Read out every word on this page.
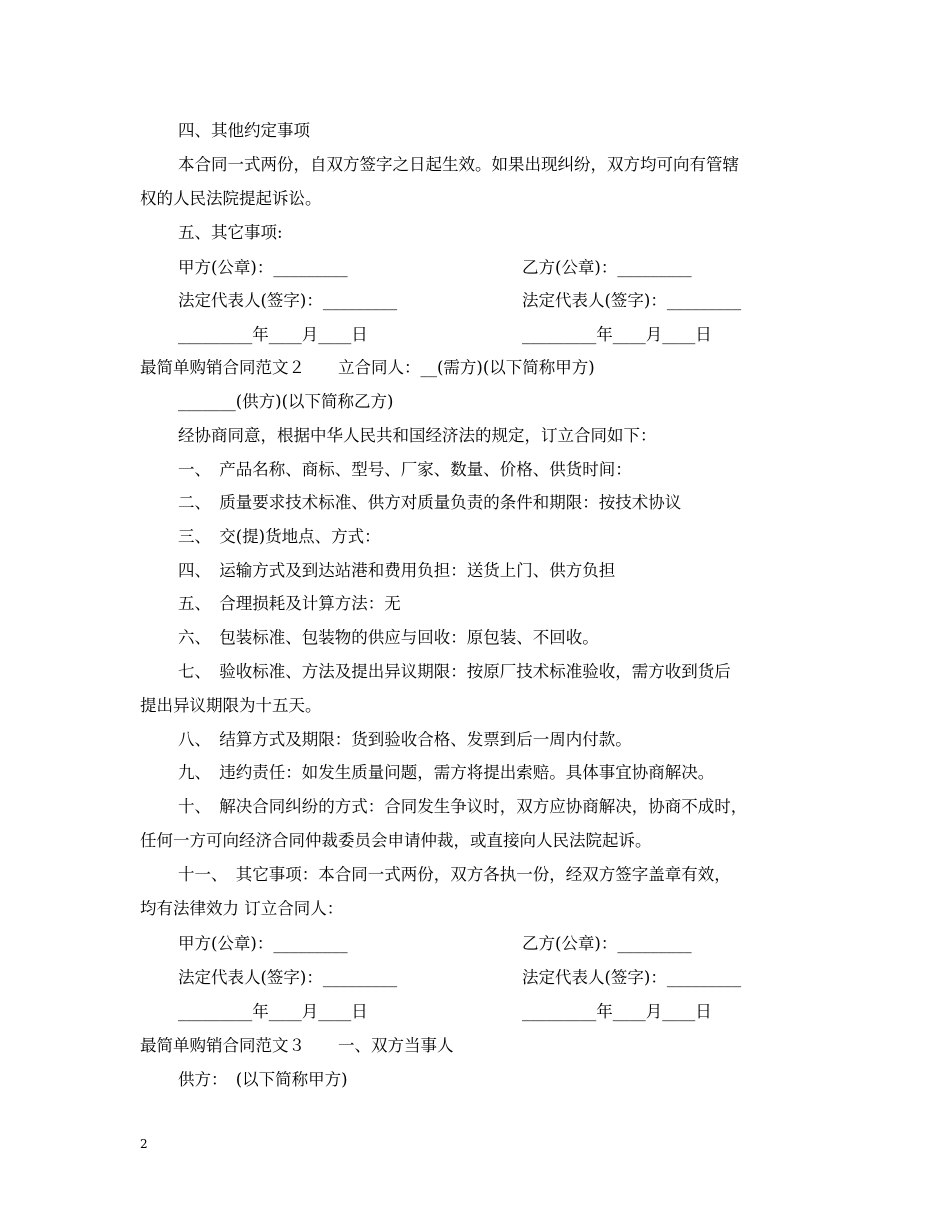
四、其他约定事项
本合同一式两份，自双方签字之日起生效。如果出现纠纷，双方均可向有管辖
权的人民法院提起诉讼。
五、其它事项:
甲方(公章)：_________	乙方(公章)：_________
法定代表人(签字)：_________	法定代表人(签字)：_________
_________年____月____日	_________年____月____日
最简单购销合同范文２　　立合同人：__(需方)(以下简称甲方)
_______(供方)(以下简称乙方)
经协商同意，根据中华人民共和国经济法的规定，订立合同如下：
一、　产品名称、商标、型号、厂家、数量、价格、供货时间：
二、　质量要求技术标准、供方对质量负责的条件和期限：按技术协议
三、　交(提)货地点、方式：
四、　运输方式及到达站港和费用负担：送货上门、供方负担
五、　合理损耗及计算方法：无
六、　包装标准、包装物的供应与回收：原包装、不回收。
七、　验收标准、方法及提出异议期限：按原厂技术标准验收，需方收到货后
提出异议期限为十五天。
八、　结算方式及期限：货到验收合格、发票到后一周内付款。
九、　违约责任：如发生质量问题，需方将提出索赔。具体事宜协商解决。
十、　解决合同纠纷的方式：合同发生争议时，双方应协商解决，协商不成时，
任何一方可向经济合同仲裁委员会申请仲裁，或直接向人民法院起诉。
十一、　其它事项：本合同一式两份，双方各执一份，经双方签字盖章有效，
均有法律效力 订立合同人：
甲方(公章)：_________	乙方(公章)：_________
法定代表人(签字)：_________	法定代表人(签字)：_________
_________年____月____日	_________年____月____日
最简单购销合同范文３　　一、双方当事人
供方：　(以下简称甲方)
2
